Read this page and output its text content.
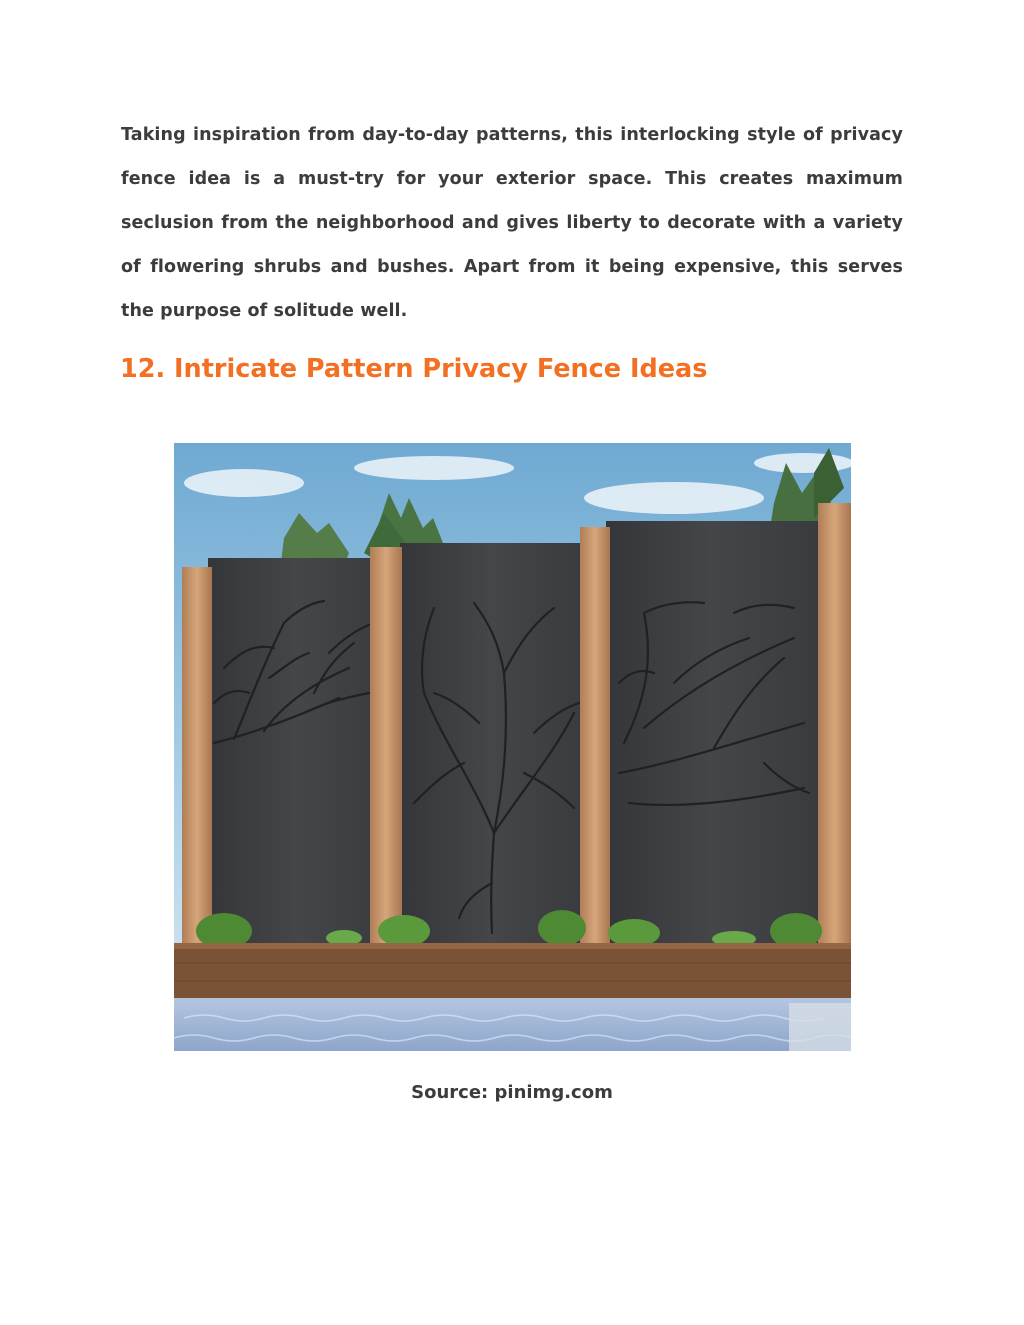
Taking inspiration from day-to-day patterns, this interlocking style of privacy fence idea is a must-try for your exterior space. This creates maximum seclusion from the neighborhood and gives liberty to decorate with a variety of flowering shrubs and bushes. Apart from it being expensive, this serves the purpose of solitude well.

12. Intricate Pattern Privacy Fence Ideas

Source: pinimg.com
